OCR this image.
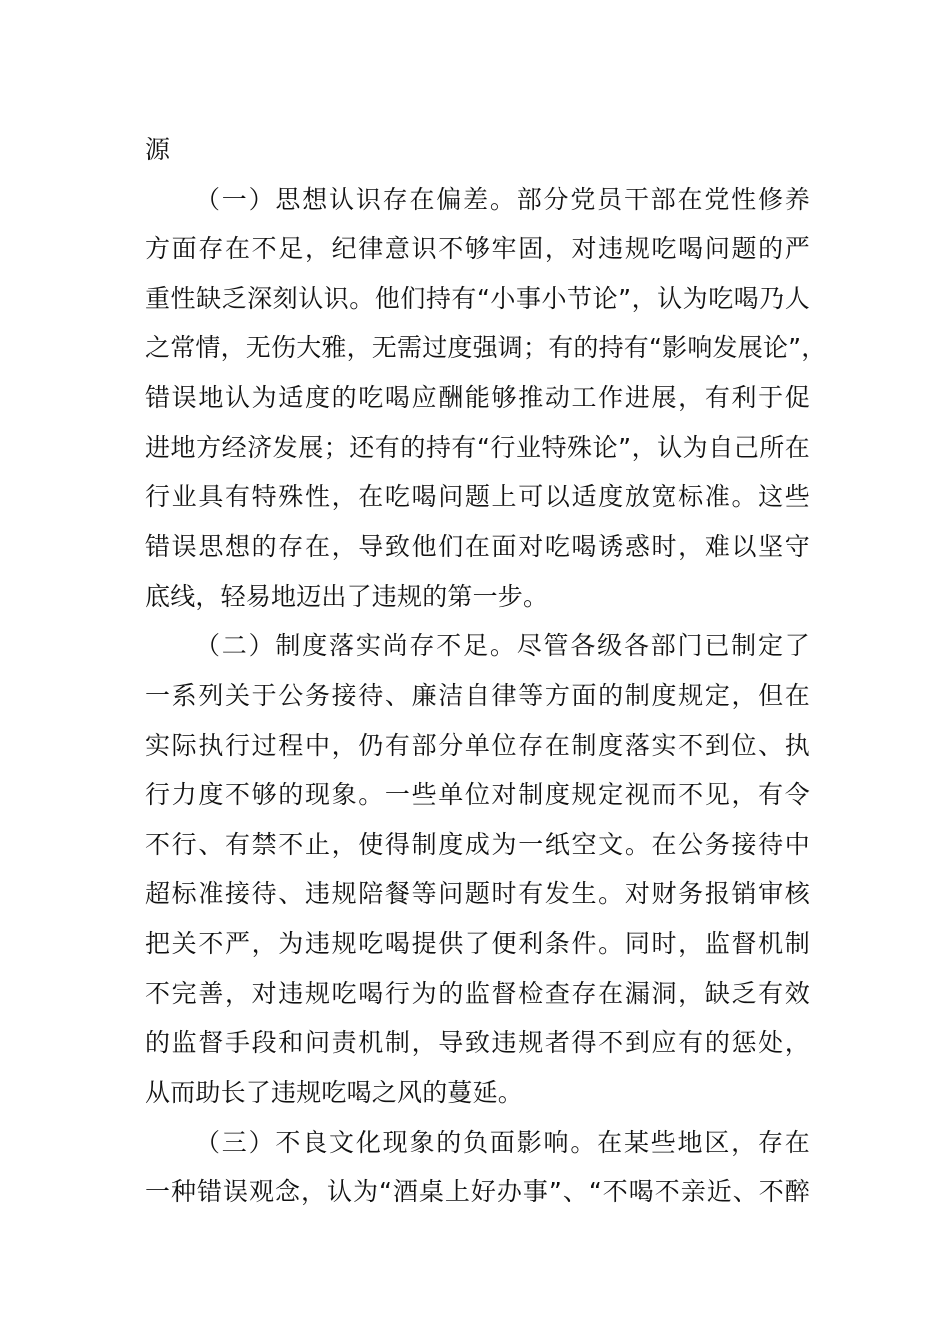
源
（一）思想认识存在偏差。部分党员干部在党性修养
方面存在不足，纪律意识不够牢固，对违规吃喝问题的严
重性缺乏深刻认识。他们持有“小事小节论”，认为吃喝乃人
之常情，无伤大雅，无需过度强调；有的持有“影响发展论”，
错误地认为适度的吃喝应酬能够推动工作进展，有利于促
进地方经济发展；还有的持有“行业特殊论”，认为自己所在
行业具有特殊性，在吃喝问题上可以适度放宽标准。这些
错误思想的存在，导致他们在面对吃喝诱惑时，难以坚守
底线，轻易地迈出了违规的第一步。
（二）制度落实尚存不足。尽管各级各部门已制定了
一系列关于公务接待、廉洁自律等方面的制度规定，但在
实际执行过程中，仍有部分单位存在制度落实不到位、执
行力度不够的现象。一些单位对制度规定视而不见，有令
不行、有禁不止，使得制度成为一纸空文。在公务接待中
超标准接待、违规陪餐等问题时有发生。对财务报销审核
把关不严，为违规吃喝提供了便利条件。同时，监督机制
不完善，对违规吃喝行为的监督检查存在漏洞，缺乏有效
的监督手段和问责机制，导致违规者得不到应有的惩处，
从而助长了违规吃喝之风的蔓延。
（三）不良文化现象的负面影响。在某些地区，存在
一种错误观念，认为“酒桌上好办事”、“不喝不亲近、不醉
